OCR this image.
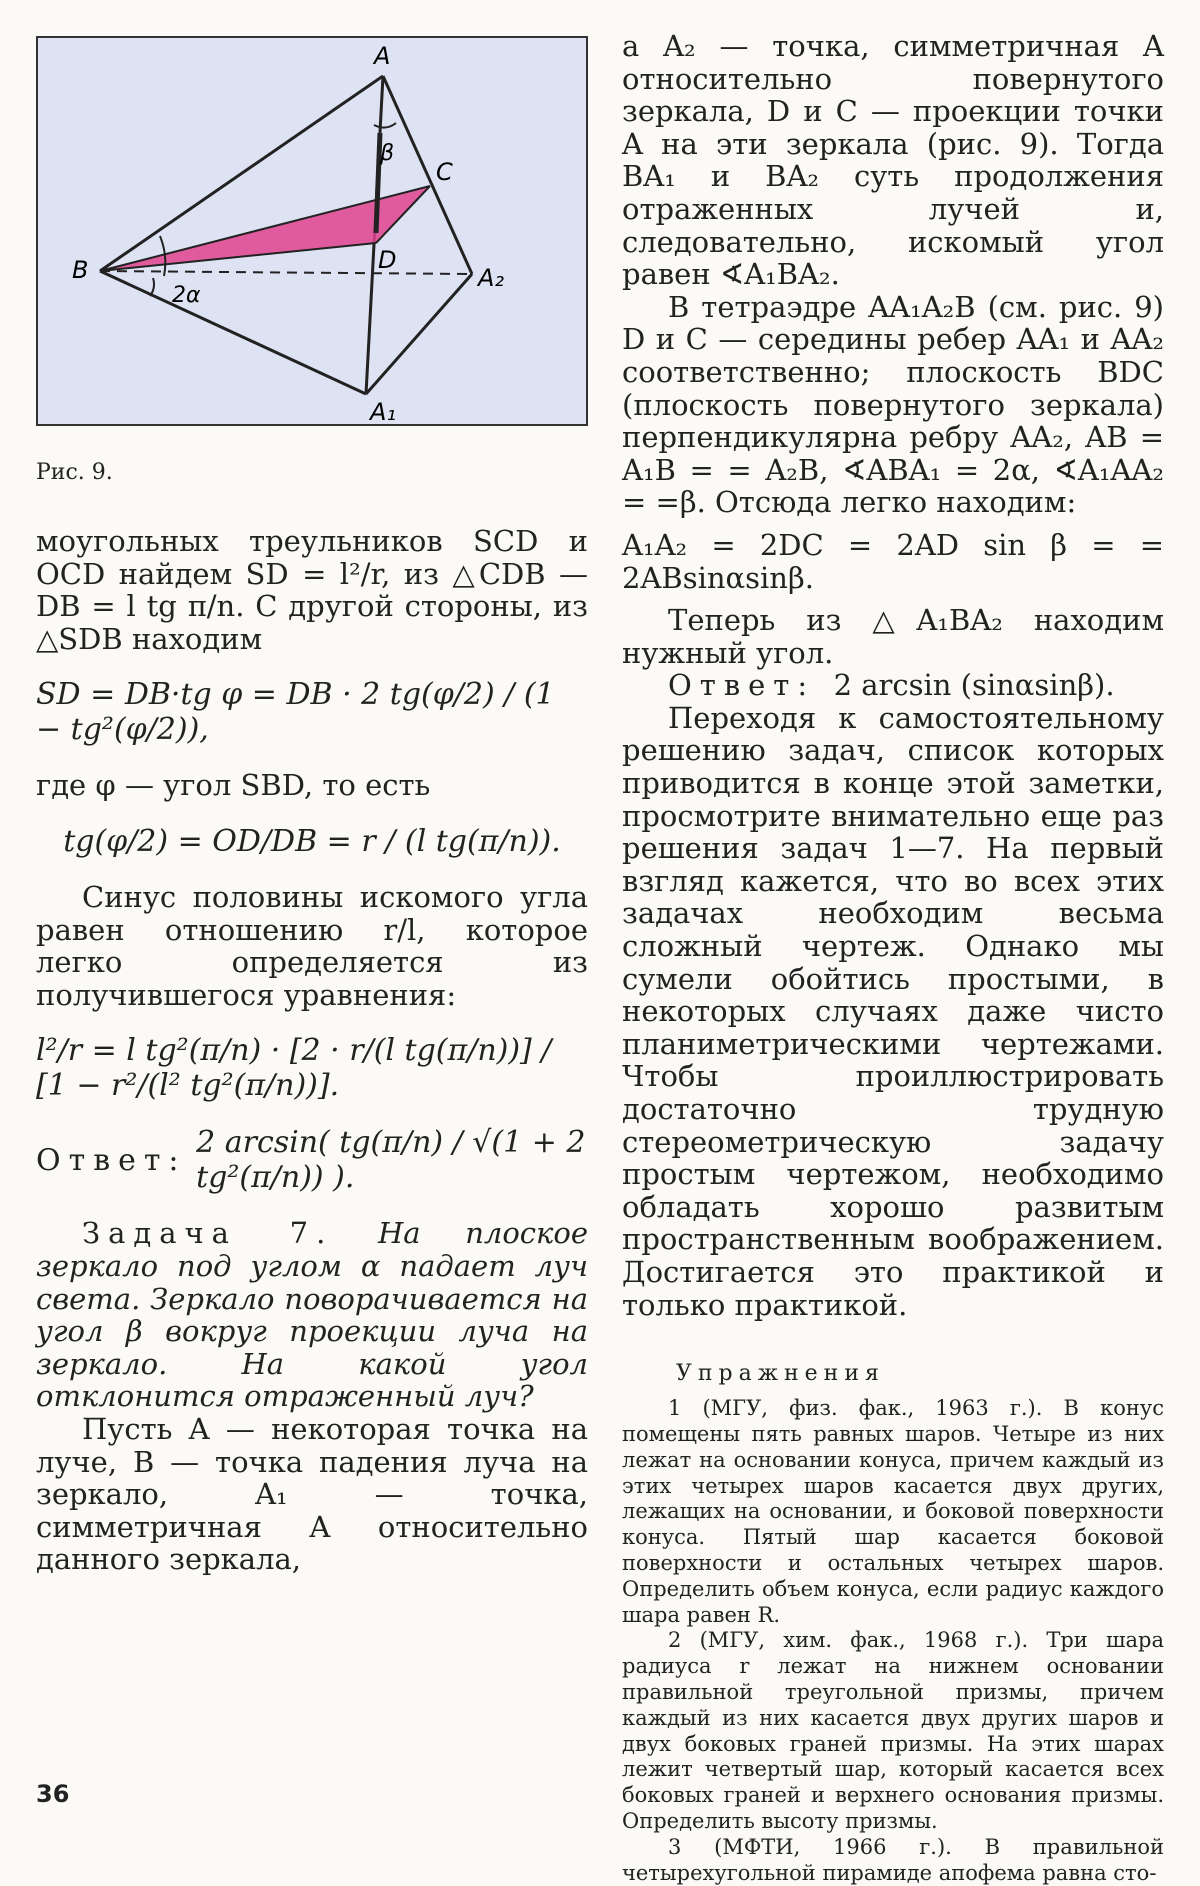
A
β
C
B	D
2α
A₂
A₁

Рис. 9.

моугольных треульников SCD и OCD найдем SD = l²/r, из △CDB — DB = l tg π/n. С другой стороны, из △SDB находим

SD = DB·tg φ = DB · 2 tg(φ/2) / (1 − tg²(φ/2)),

где φ — угол SBD, то есть

tg(φ/2) = OD/DB = r / (l tg(π/n)).

Синус половины искомого угла равен отношению r/l, которое легко определяется из получившегося уравнения:

l²/r = l tg²(π/n) · [2 · r/(l tg(π/n))] / [1 − r²/(l² tg²(π/n))].

Ответ:
2 arcsin( tg(π/n) / √(1 + 2 tg²(π/n)) ).

Задача 7. На плоское зеркало под углом α падает луч света. Зеркало поворачивается на угол β вокруг проекции луча на зеркало. На какой угол отклонится отраженный луч?

Пусть A — некоторая точка на луче, B — точка падения луча на зеркало, A₁ — точка, симметричная A относительно данного зеркала,

а A₂ — точка, симметричная A относительно повернутого зеркала, D и C — проекции точки A на эти зеркала (рис. 9). Тогда BA₁ и BA₂ суть продолжения отраженных лучей и, следовательно, искомый угол равен ∢A₁BA₂.

В тетраэдре AA₁A₂B (см. рис. 9) D и C — середины ребер AA₁ и AA₂ соответственно; плоскость BDC (плоскость повернутого зеркала) перпендикулярна ребру AA₂, AB = A₁B = = A₂B, ∢ABA₁ = 2α, ∢A₁AA₂ = =β. Отсюда легко находим:

A₁A₂ = 2DC = 2AD sin β = = 2ABsinαsinβ.

Теперь из △A₁BA₂ находим нужный угол.

Ответ: 2 arcsin (sinαsinβ).

Переходя к самостоятельному решению задач, список которых приводится в конце этой заметки, просмотрите внимательно еще раз решения задач 1—7. На первый взгляд кажется, что во всех этих задачах необходим весьма сложный чертеж. Однако мы сумели обойтись простыми, в некоторых случаях даже чисто планиметрическими чертежами. Чтобы проиллюстрировать достаточно трудную стереометрическую задачу простым чертежом, необходимо обладать хорошо развитым пространственным воображением. Достигается это практикой и только практикой.

Упражнения

1 (МГУ, физ. фак., 1963 г.). В конус помещены пять равных шаров. Четыре из них лежат на основании конуса, причем каждый из этих четырех шаров касается двух других, лежащих на основании, и боковой поверхности конуса. Пятый шар касается боковой поверхности и остальных четырех шаров. Определить объем конуса, если радиус каждого шара равен R.

2 (МГУ, хим. фак., 1968 г.). Три шара радиуса r лежат на нижнем основании правильной треугольной призмы, причем каждый из них касается двух других шаров и двух боковых граней призмы. На этих шарах лежит четвертый шар, который касается всех боковых граней и верхнего основания призмы. Определить высоту призмы.

3 (МФТИ, 1966 г.). В правильной четырехугольной пирамиде апофема равна сто-

36
